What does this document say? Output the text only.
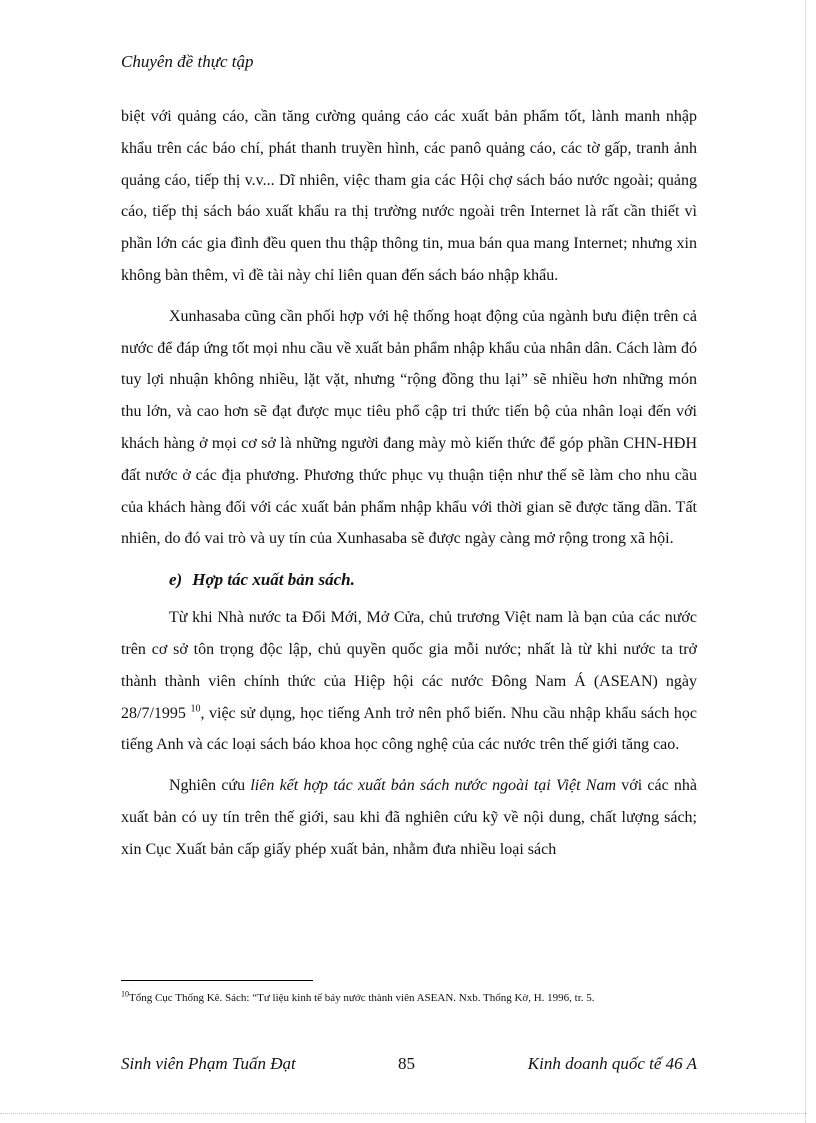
Chuyên đề thực tập

biệt với quảng cáo, cần tăng cường quảng cáo các xuất bản phẩm tốt, lành manh nhập khẩu trên các báo chí, phát thanh truyền hình, các panô quảng cáo, các tờ gấp, tranh ảnh quảng cáo, tiếp thị v.v... Dĩ nhiên, việc tham gia các Hội chợ sách báo nước ngoài; quảng cáo, tiếp thị sách báo xuất khẩu ra thị trường nước ngoài trên Internet là rất cần thiết vì phần lớn các gia đình đều quen thu thập thông tin, mua bán qua mang Internet; nhưng xin không bàn thêm, vì đề tài này chỉ liên quan đến sách báo nhập khẩu.

Xunhasaba cũng cần phối hợp với hệ thống hoạt động của ngành bưu điện trên cả nước để đáp ứng tốt mọi nhu cầu về xuất bản phẩm nhập khẩu của nhân dân. Cách làm đó tuy lợi nhuận không nhiều, lặt vặt, nhưng “rộng đồng thu lại” sẽ nhiều hơn những món thu lớn, và cao hơn sẽ đạt được mục tiêu phổ cập tri thức tiến bộ của nhân loại đến với khách hàng ở mọi cơ sở là những người đang mày mò kiến thức để góp phần CHN-HĐH đất nước ở các địa phương. Phương thức phục vụ thuận tiện như thế sẽ làm cho nhu cầu của khách hàng đối với các xuất bản phẩm nhập khẩu với thời gian sẽ được tăng dần. Tất nhiên, do đó vai trò và uy tín của Xunhasaba sẽ được ngày càng mở rộng trong xã hội.

e) Hợp tác xuất bản sách.

Từ khi Nhà nước ta Đổi Mới, Mở Cửa, chủ trương Việt nam là bạn của các nước trên cơ sở tôn trọng độc lập, chủ quyền quốc gia mỗi nước; nhất là từ khi nước ta trở thành thành viên chính thức của Hiệp hội các nước Đông Nam Á (ASEAN) ngày 28/7/1995 $^{10}$, việc sử dụng, học tiếng Anh trở nên phổ biến. Nhu cầu nhập khẩu sách học tiếng Anh và các loại sách báo khoa học công nghệ của các nước trên thế giới tăng cao.

Nghiên cứu liên kết hợp tác xuất bản sách nước ngoài tại Việt Nam với các nhà xuất bản có uy tín trên thế giới, sau khi đã nghiên cứu kỹ về nội dung, chất lượng sách; xin Cục Xuất bản cấp giấy phép xuất bản, nhằm đưa nhiều loại sách

$^{10}$Tổng Cục Thống Kê. Sách: “Tư liệu kinh tế bảy nước thành viên ASEAN. Nxb. Thống Kờ, H. 1996, tr. 5.
Sinh viên Phạm Tuấn Đạt	85	Kinh doanh quốc tế 46 A
